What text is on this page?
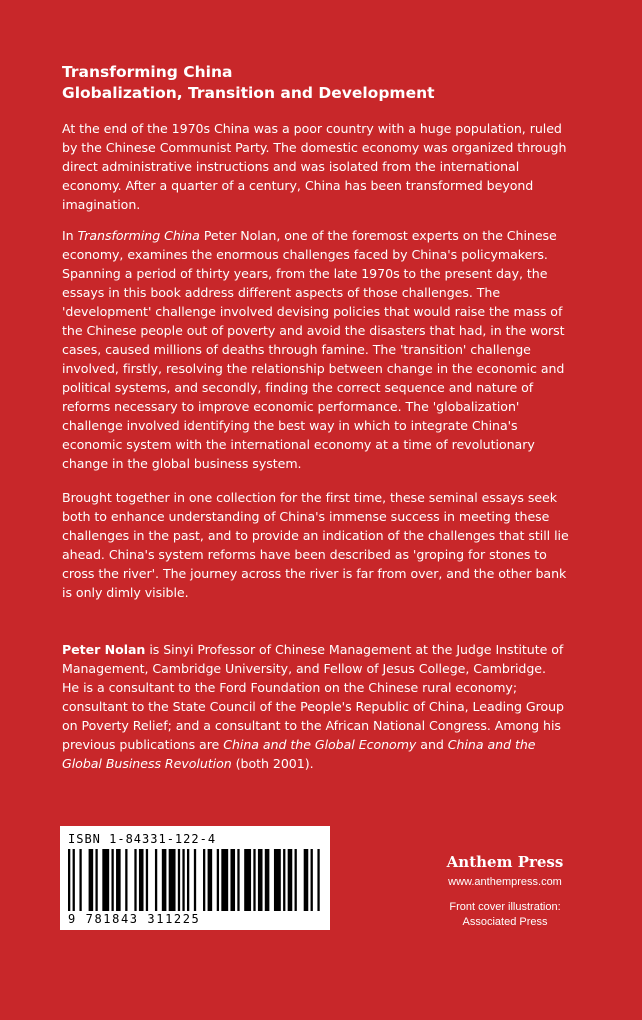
Transforming China
Globalization, Transition and Development
At the end of the 1970s China was a poor country with a huge population, ruled
by the Chinese Communist Party. The domestic economy was organized through
direct administrative instructions and was isolated from the international
economy. After a quarter of a century, China has been transformed beyond
imagination.
In Transforming China Peter Nolan, one of the foremost experts on the Chinese
economy, examines the enormous challenges faced by China's policymakers.
Spanning a period of thirty years, from the late 1970s to the present day, the
essays in this book address different aspects of those challenges. The
'development' challenge involved devising policies that would raise the mass of
the Chinese people out of poverty and avoid the disasters that had, in the worst
cases, caused millions of deaths through famine. The 'transition' challenge
involved, firstly, resolving the relationship between change in the economic and
political systems, and secondly, finding the correct sequence and nature of
reforms necessary to improve economic performance. The 'globalization'
challenge involved identifying the best way in which to integrate China's
economic system with the international economy at a time of revolutionary
change in the global business system.
Brought together in one collection for the first time, these seminal essays seek
both to enhance understanding of China's immense success in meeting these
challenges in the past, and to provide an indication of the challenges that still lie
ahead. China's system reforms have been described as 'groping for stones to
cross the river'. The journey across the river is far from over, and the other bank
is only dimly visible.
Peter Nolan is Sinyi Professor of Chinese Management at the Judge Institute of
Management, Cambridge University, and Fellow of Jesus College, Cambridge.
He is a consultant to the Ford Foundation on the Chinese rural economy;
consultant to the State Council of the People's Republic of China, Leading Group
on Poverty Relief; and a consultant to the African National Congress. Among his
previous publications are China and the Global Economy and China and the
Global Business Revolution (both 2001).
ISBN 1-84331-122-4
9 781843 311225
Anthem Press
www.anthempress.com
Front cover illustration:
Associated Press
